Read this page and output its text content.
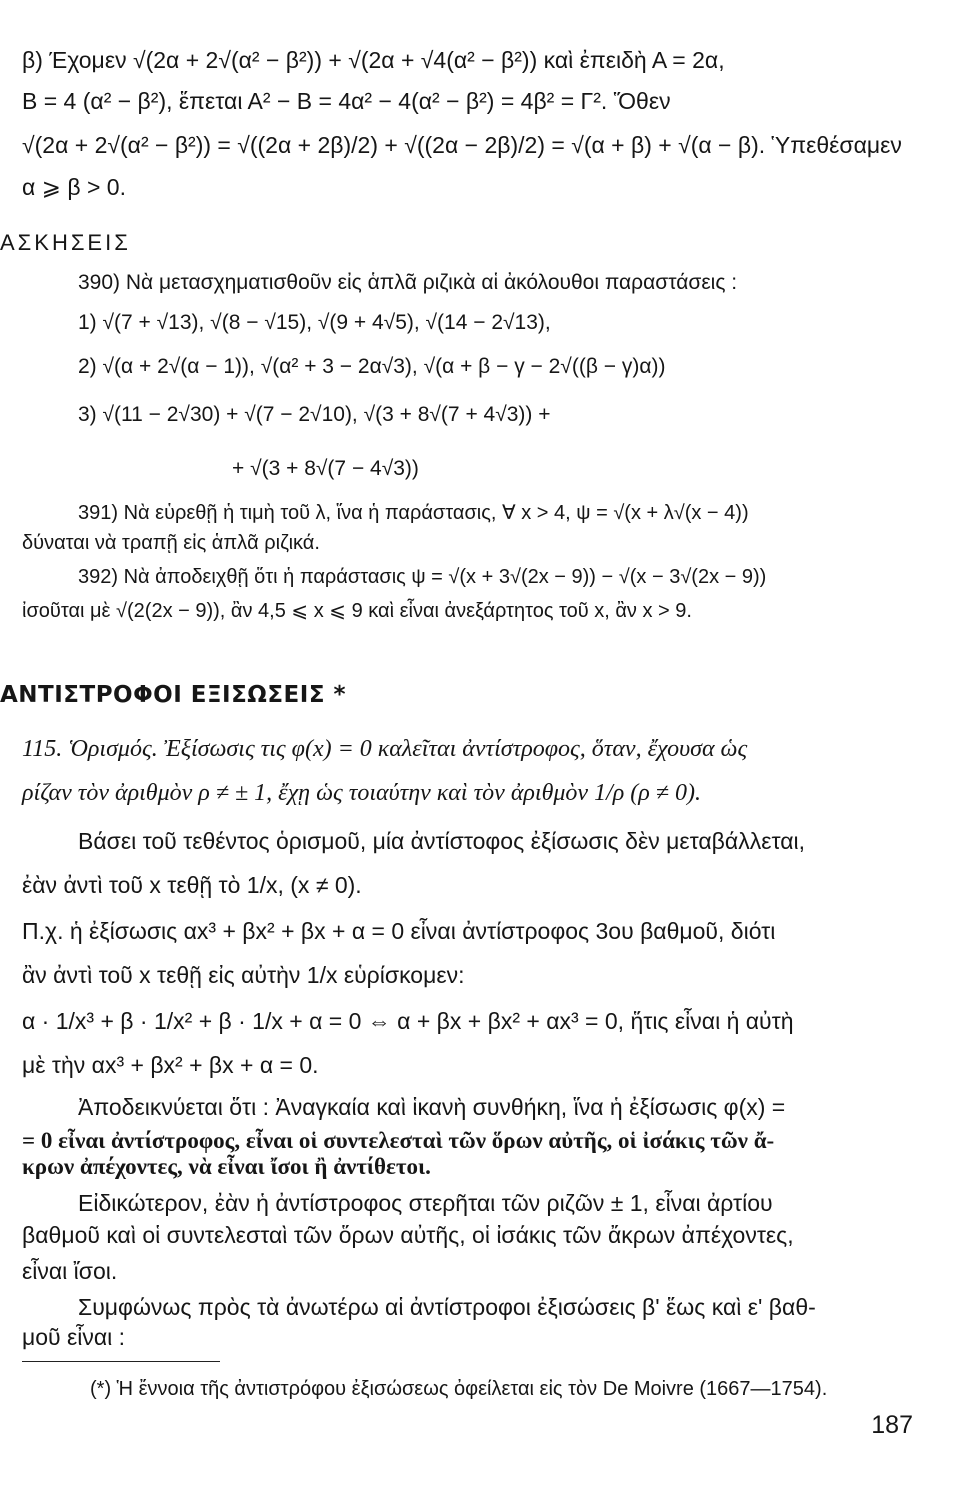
β) Έχομεν √(2α + 2√(α² − β²)) + √(2α + √4(α² − β²)) καὶ ἐπειδὴ Α = 2α,
Β = 4 (α² − β²), ἕπεται Α² − Β = 4α² − 4(α² − β²) = 4β² = Γ². Ὅθεν
√(2α + 2√(α² − β²)) = √((2α + 2β)/2) + √((2α − 2β)/2) = √(α + β) + √(α − β). Ὑπεθέσαμεν
α ⩾ β > 0.
ΑΣΚΗΣΕΙΣ
390) Νὰ μετασχηματισθοῦν εἰς ἁπλᾶ ριζικὰ αἱ ἀκόλουθοι παραστάσεις :
1) √(7 + √13), √(8 − √15), √(9 + 4√5), √(14 − 2√13),
2) √(α + 2√(α − 1)), √(α² + 3 − 2α√3), √(α + β − γ − 2√((β − γ)α))
3) √(11 − 2√30) + √(7 − 2√10), √(3 + 8√(7 + 4√3)) +
+ √(3 + 8√(7 − 4√3))
391) Νὰ εὑρεθῇ ἡ τιμὴ τοῦ λ, ἵνα ἡ παράστασις, ∀ x > 4, ψ = √(x + λ√(x − 4))
δύναται νὰ τραπῇ εἰς ἁπλᾶ ριζικά.
392) Νὰ ἀποδειχθῇ ὅτι ἡ παράστασις ψ = √(x + 3√(2x − 9)) − √(x − 3√(2x − 9))
ἰσοῦται μὲ √(2(2x − 9)), ἂν 4,5 ⩽ x ⩽ 9 καὶ εἶναι ἀνεξάρτητος τοῦ x, ἂν x > 9.
ΑΝΤΙΣΤΡΟΦΟΙ ΕΞΙΣΩΣΕΙΣ *
115. Ὁρισμός. Ἐξίσωσις τις φ(x) = 0 καλεῖται ἀντίστροφος, ὅταν, ἔχουσα ὡς
ρίζαν τὸν ἀριθμὸν ρ ≠ ± 1, ἔχῃ ὡς τοιαύτην καὶ τὸν ἀριθμὸν 1/ρ (ρ ≠ 0).
Βάσει τοῦ τεθέντος ὁρισμοῦ, μία ἀντίστοφος ἐξίσωσις δὲν μεταβάλλεται,
ἐὰν ἀντὶ τοῦ x τεθῇ τὸ 1/x, (x ≠ 0).
Π.χ. ἡ ἐξίσωσις αx³ + βx² + βx + α = 0 εἶναι ἀντίστροφος 3ου βαθμοῦ, διότι
ἂν ἀντὶ τοῦ x τεθῇ εἰς αὐτὴν 1/x εὑρίσκομεν:
α · 1/x³ + β · 1/x² + β · 1/x + α = 0 ⇔ α + βx + βx² + αx³ = 0, ἥτις εἶναι ἡ αὐτὴ
μὲ τὴν αx³ + βx² + βx + α = 0.
Ἀποδεικνύεται ὅτι : Ἀναγκαία καὶ ἱκανὴ συνθήκη, ἵνα ἡ ἐξίσωσις φ(x) =
= 0 εἶναι ἀντίστροφος, εἶναι οἱ συντελεσταὶ τῶν ὅρων αὐτῆς, οἱ ἰσάκις τῶν ἄ-
κρων ἀπέχοντες, νὰ εἶναι ἴσοι ἢ ἀντίθετοι.
Εἰδικώτερον, ἐὰν ἡ ἀντίστροφος στερῆται τῶν ριζῶν ± 1, εἶναι ἀρτίου
βαθμοῦ καὶ οἱ συντελεσταὶ τῶν ὅρων αὐτῆς, οἱ ἰσάκις τῶν ἄκρων ἀπέχοντες,
εἶναι ἴσοι.
Συμφώνως πρὸς τὰ ἀνωτέρω αἱ ἀντίστροφοι ἐξισώσεις β' ἕως καὶ ε' βαθ-
μοῦ εἶναι :
(*) Ἡ ἔννοια τῆς ἀντιστρόφου ἐξισώσεως ὀφείλεται εἰς τὸν De Moivre (1667—1754).
187
